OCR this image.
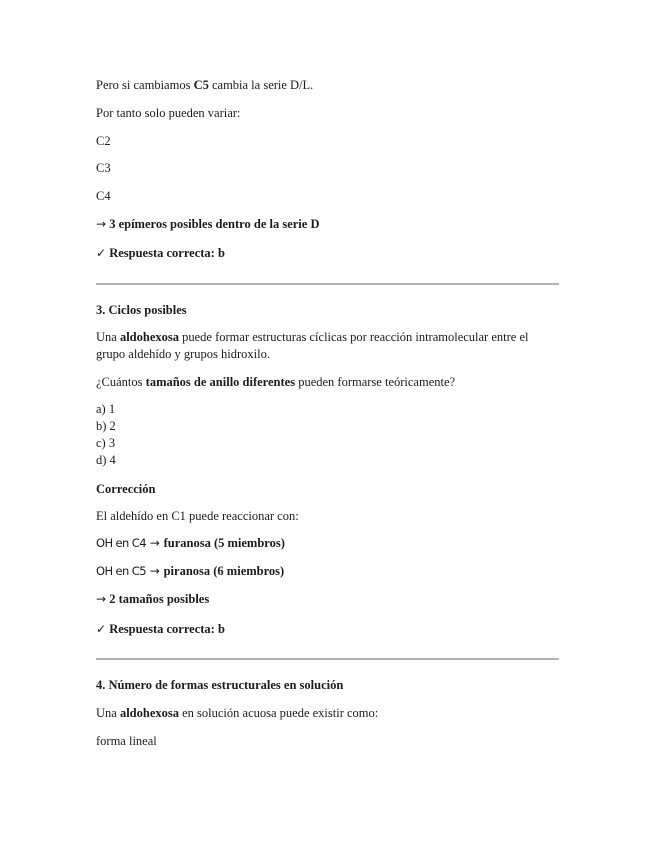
Pero si cambiamos C5 cambia la serie D/L.
Por tanto solo pueden variar:
C2
C3
C4
→ 3 epímeros posibles dentro de la serie D
✓ Respuesta correcta: b
3. Ciclos posibles
Una aldohexosa puede formar estructuras cíclicas por reacción intramolecular entre el
grupo aldehído y grupos hidroxilo.
¿Cuántos tamaños de anillo diferentes pueden formarse teóricamente?
a) 1
b) 2
c) 3
d) 4
Corrección
El aldehído en C1 puede reaccionar con:
OH en C4 → furanosa (5 miembros)
OH en C5 → piranosa (6 miembros)
→ 2 tamaños posibles
✓ Respuesta correcta: b
4. Número de formas estructurales en solución
Una aldohexosa en solución acuosa puede existir como:
forma lineal
